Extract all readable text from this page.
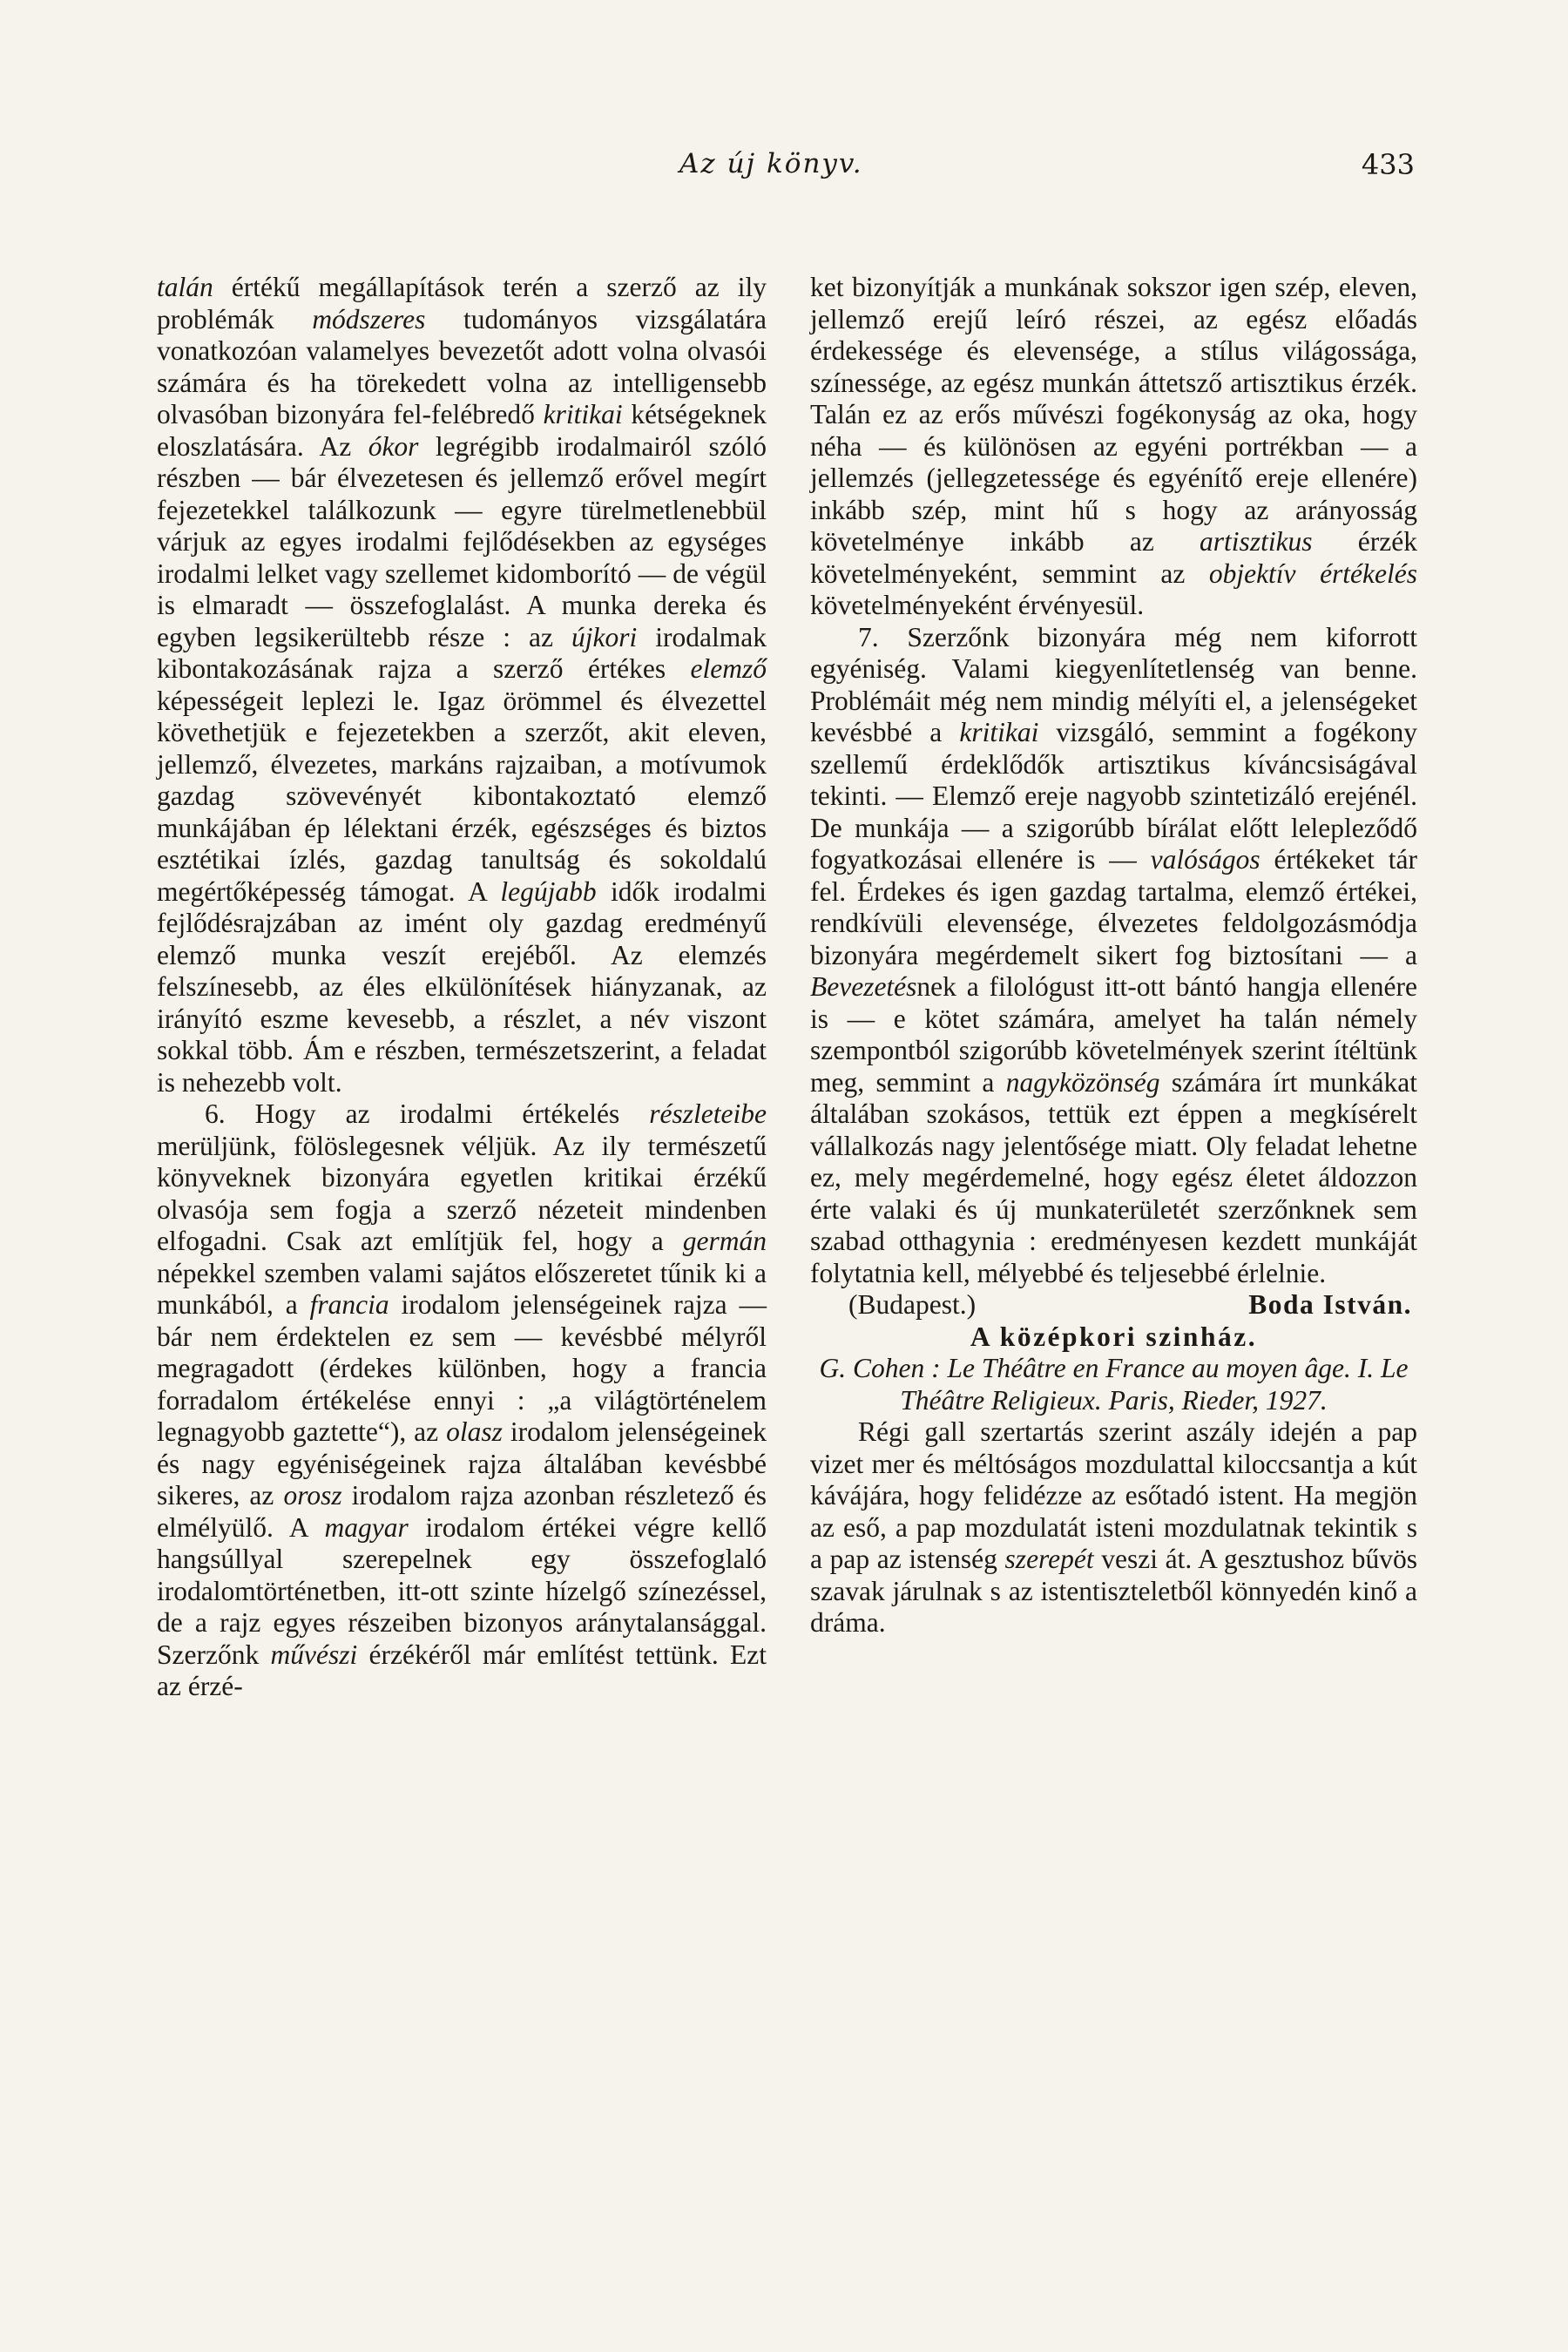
Az új könyv.	433

talán értékű megállapítások terén a szerző az ily problémák módszeres tudományos vizsgálatára vonatkozóan valamelyes bevezetőt adott volna olvasói számára és ha törekedett volna az intelligensebb olvasóban bizonyára fel-felébredő kritikai kétségeknek eloszlatására. Az ókor legrégibb irodalmairól szóló részben — bár élvezetesen és jellemző erővel megírt fejezetekkel találkozunk — egyre türelmetlenebbül várjuk az egyes irodalmi fejlődésekben az egységes irodalmi lelket vagy szellemet kidomborító — de végül is elmaradt — összefoglalást. A munka dereka és egyben legsikerültebb része : az újkori irodalmak kibontakozásának rajza a szerző értékes elemző képességeit leplezi le. Igaz örömmel és élvezettel követhetjük e fejezetekben a szerzőt, akit eleven, jellemző, élvezetes, markáns rajzaiban, a motívumok gazdag szövevényét kibontakoztató elemző munkájában ép lélektani érzék, egészséges és biztos esztétikai ízlés, gazdag tanultság és sokoldalú megértőképesség támogat. A legújabb idők irodalmi fejlődésrajzában az imént oly gazdag eredményű elemző munka veszít erejéből. Az elemzés felszínesebb, az éles elkülönítések hiányzanak, az irányító eszme kevesebb, a részlet, a név viszont sokkal több. Ám e részben, természetszerint, a feladat is nehezebb volt.

6. Hogy az irodalmi értékelés részleteibe merüljünk, fölöslegesnek véljük. Az ily természetű könyveknek bizonyára egyetlen kritikai érzékű olvasója sem fogja a szerző nézeteit mindenben elfogadni. Csak azt említjük fel, hogy a germán népekkel szemben valami sajátos előszeretet tűnik ki a munkából, a francia irodalom jelenségeinek rajza — bár nem érdektelen ez sem — kevésbbé mélyről megragadott (érdekes különben, hogy a francia forradalom értékelése ennyi : „a világtörténelem legnagyobb gaztette“), az olasz irodalom jelenségeinek és nagy egyéniségeinek rajza általában kevésbbé sikeres, az orosz irodalom rajza azonban részletező és elmélyülő. A magyar irodalom értékei végre kellő hangsúllyal szerepelnek egy összefoglaló irodalomtörténetben, itt-ott szinte hízelgő színezéssel, de a rajz egyes részeiben bizonyos aránytalansággal. Szerzőnk művészi érzékéről már említést tettünk. Ezt az érzé-

ket bizonyítják a munkának sokszor igen szép, eleven, jellemző erejű leíró részei, az egész előadás érdekessége és elevensége, a stílus világossága, színessége, az egész munkán áttetsző artisztikus érzék. Talán ez az erős művészi fogékonyság az oka, hogy néha — és különösen az egyéni portrékban — a jellemzés (jellegzetessége és egyénítő ereje ellenére) inkább szép, mint hű s hogy az arányosság követelménye inkább az artisztikus érzék követelményeként, semmint az objektív értékelés követelményeként érvényesül.

7. Szerzőnk bizonyára még nem kiforrott egyéniség. Valami kiegyenlítetlenség van benne. Problémáit még nem mindig mélyíti el, a jelenségeket kevésbbé a kritikai vizsgáló, semmint a fogékony szellemű érdeklődők artisztikus kíváncsiságával tekinti. — Elemző ereje nagyobb szintetizáló erejénél. De munkája — a szigorúbb bírálat előtt lelepleződő fogyatkozásai ellenére is — valóságos értékeket tár fel. Érdekes és igen gazdag tartalma, elemző értékei, rendkívüli elevensége, élvezetes feldolgozásmódja bizonyára megérdemelt sikert fog biztosítani — a Bevezetésnek a filológust itt-ott bántó hangja ellenére is — e kötet számára, amelyet ha talán némely szempontból szigorúbb követelmények szerint ítéltünk meg, semmint a nagyközönség számára írt munkákat általában szokásos, tettük ezt éppen a megkísérelt vállalkozás nagy jelentősége miatt. Oly feladat lehetne ez, mely megérdemelné, hogy egész életet áldozzon érte valaki és új munkaterületét szerzőnknek sem szabad otthagynia : eredményesen kezdett munkáját folytatnia kell, mélyebbé és teljesebbé érlelnie.

(Budapest.)	Boda István.

A középkori szinház.

G. Cohen : Le Théâtre en France au moyen âge. I. Le Théâtre Religieux. Paris, Rieder, 1927.

Régi gall szertartás szerint aszály idején a pap vizet mer és méltóságos mozdulattal kiloccsantja a kút kávájára, hogy felidézze az esőtadó istent. Ha megjön az eső, a pap mozdulatát isteni mozdulatnak tekintik s a pap az istenség szerepét veszi át. A gesztushoz bűvös szavak járulnak s az istentiszteletből könnyedén kinő a dráma.
